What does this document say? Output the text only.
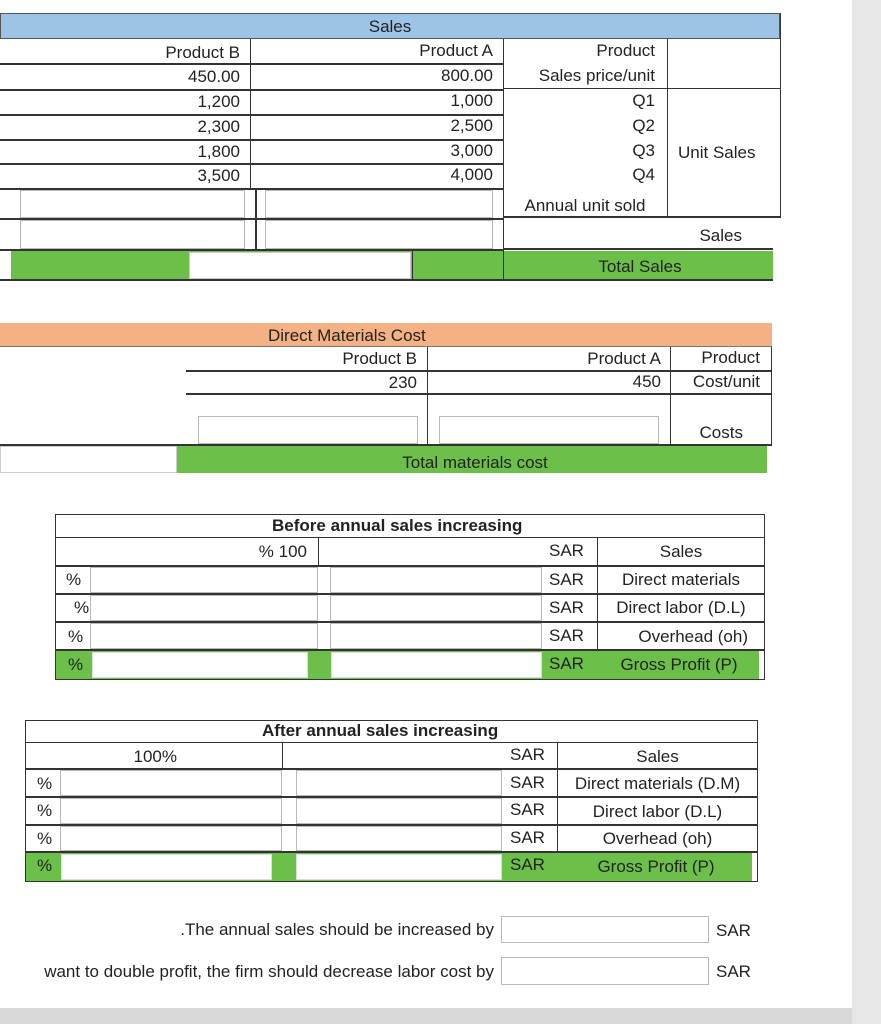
Sales
Product B	Product A	Product
450.00	800.00	Sales price/unit
1,200	1,000	Q1
2,300	2,500	Q2
1,800	3,000	Q3
3,500	4,000	Q4
Unit Sales
Annual unit sold
Sales
Total Sales
Direct Materials Cost
Product B	Product A	Product
230	450	Cost/unit
Costs
Total materials cost
Before annual sales increasing
% 100	SAR	Sales
%	SAR	Direct materials
%	SAR	Direct labor (D.L)
%	SAR	Overhead (oh)
%	SAR	Gross Profit (P)
After annual sales increasing
100%	SAR	Sales
%	SAR	Direct materials (D.M)
%	SAR	Direct labor (D.L)
%	SAR	Overhead (oh)
%	SAR	Gross Profit (P)
.The annual sales should be increased by	SAR
want to double profit, the firm should decrease labor cost by	SAR
